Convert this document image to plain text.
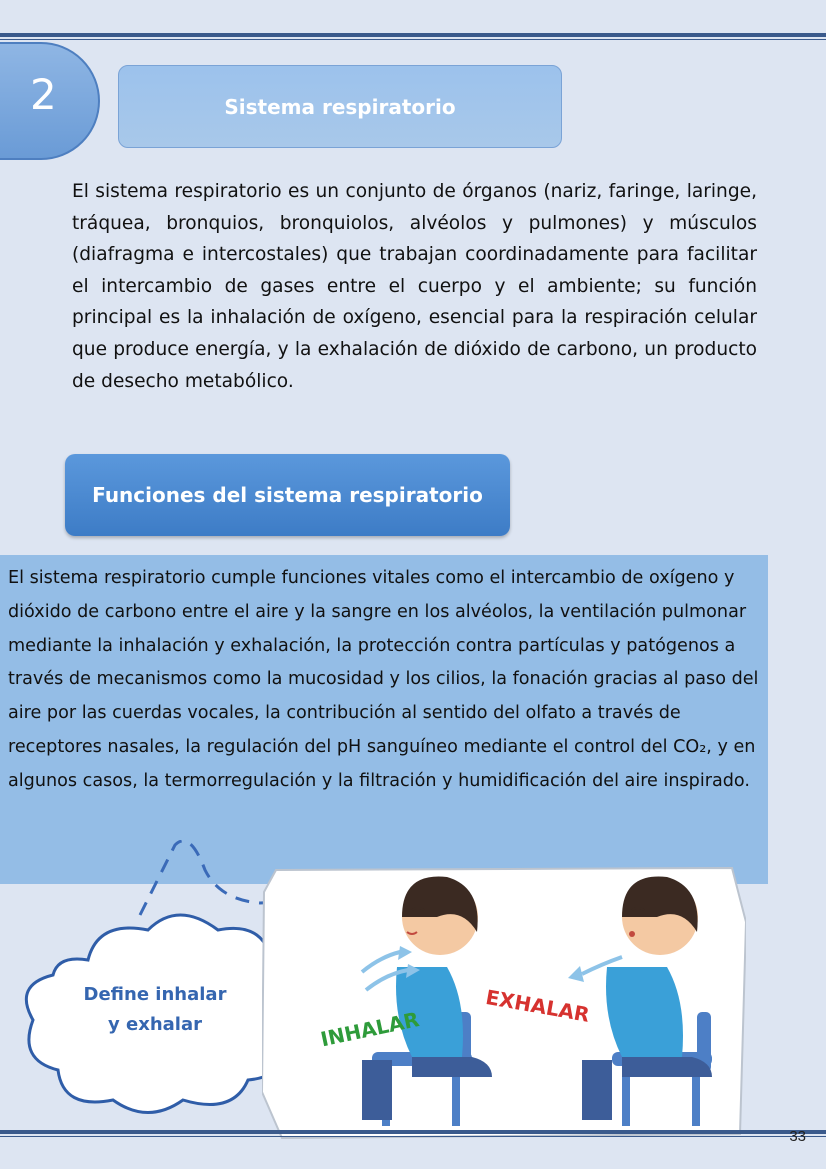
2	Sistema respiratorio
El sistema respiratorio es un conjunto de órganos (nariz, faringe, laringe, tráquea, bronquios, bronquiolos, alvéolos y pulmones) y músculos (diafragma e intercostales) que trabajan coordinadamente para facilitar el intercambio de gases entre el cuerpo y el ambiente; su función principal es la inhalación de oxígeno, esencial para la respiración celular que produce energía, y la exhalación de dióxido de carbono, un producto de desecho metabólico.
Funciones del sistema respiratorio
El sistema respiratorio cumple funciones vitales como el intercambio de oxígeno y dióxido de carbono entre el aire y la sangre en los alvéolos, la ventilación pulmonar mediante la inhalación y exhalación, la protección contra partículas y patógenos a través de mecanismos como la mucosidad y los cilios, la fonación gracias al paso del aire por las cuerdas vocales, la contribución al sentido del olfato a través de receptores nasales, la regulación del pH sanguíneo mediante el control del CO₂, y en algunos casos, la termorregulación y la filtración y humidificación del aire inspirado.
Define inhalar
y exhalar	INHALAR
EXHALAR
33
